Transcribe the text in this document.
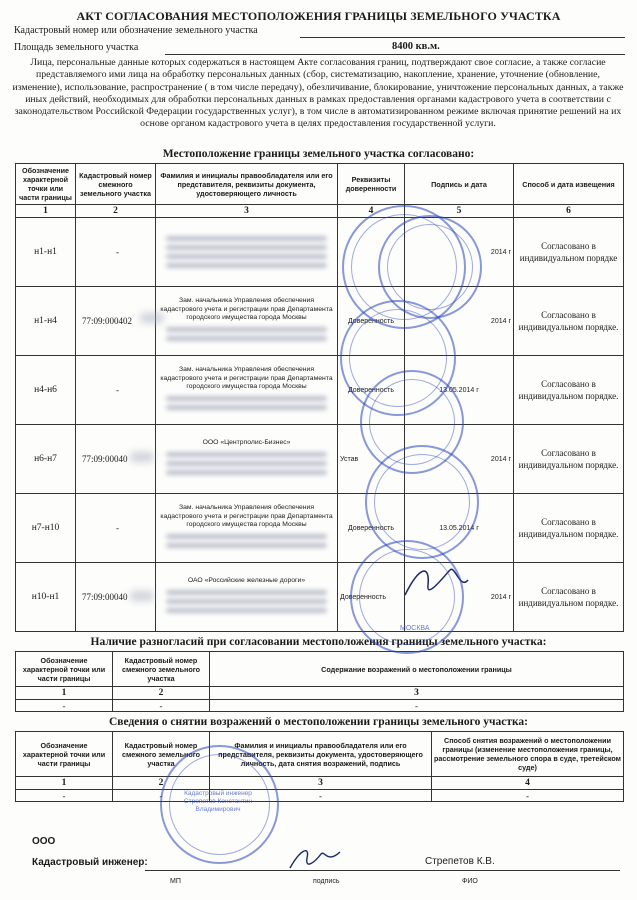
АКТ СОГЛАСОВАНИЯ МЕСТОПОЛОЖЕНИЯ ГРАНИЦЫ ЗЕМЕЛЬНОГО УЧАСТКА
Кадастровый номер или обозначение земельного участка
Площадь земельного участка	8400 кв.м.
Лица, персональные данные которых содержаться в настоящем Акте согласования границ, подтверждают свое согласие, а также согласие представляемого ими лица на обработку персональных данных (сбор, систематизацию, накопление, хранение, уточнение (обновление, изменение), использование, распространение ( в том числе передачу), обезличивание, блокирование, уничтожение персональных данных, а также иных действий, необходимых для обработки персональных данных в рамках предоставления органами кадастрового учета в соответствии с законодательством Российской Федерации государственных услуг), в том числе в автоматизированном режиме включая принятие решений на их основе органом кадастрового учета в целях предоставления государственной услуги.
Местоположение границы земельного участка согласовано:
Обозначение характерной точки или части границы	Кадастровый номер смежного земельного участка	Фамилия и инициалы правообладателя или его представителя, реквизиты документа, удостоверяющего личность	Реквизиты доверенности	Подпись и дата	Способ и дата извещения
1	2	3	4	5	6
н1-н1	-			2014 г	Согласовано в индивидуальном порядке
н1-н4	77:09:000402	Зам. начальника Управления обеспечения кадастрового учета и регистрации прав Департамента городского имущества города Москвы	Доверенность	2014 г	Согласовано в индивидуальном порядке.
н4-н6	-	Зам. начальника Управления обеспечения кадастрового учета и регистрации прав Департамента городского имущества города Москвы	Доверенность	13.05.2014 г	Согласовано в индивидуальном порядке.
н6-н7	77:09:00040	ООО «Центрполис-Бизнес»	Устав	2014 г	Согласовано в индивидуальном порядке.
н7-н10	-	Зам. начальника Управления обеспечения кадастрового учета и регистрации прав Департамента городского имущества города Москвы	Доверенность	13.05.2014 г	Согласовано в индивидуальном порядке.
н10-н1	77:09:00040	ОАО «Российские железные дороги»	Доверенность	2014 г	Согласовано в индивидуальном порядке.
Наличие разногласий при согласовании местоположения границы земельного участка:
Обозначение характерной точки или части границы	Кадастровый номер смежного земельного участка	Содержание возражений о местоположении границы
1	2	3
-	-	-
Сведения о снятии возражений о местоположении границы земельного участка:
Обозначение характерной точки или части границы	Кадастровый номер смежного земельного участка	Фамилия и инициалы правообладателя или его представителя, реквизиты документа, удостоверяющего личность, дата снятия возражений, подпись	Способ снятия возражений о местоположении границы (изменение местоположения границы, рассмотрение земельного спора в суде, третейском суде)
1	2	3	4
-	-	-	-
ООО
Кадастровый инженер:	Стрепетов К.В.
МП	подпись	ФИО
Кадастровый инженер Стрепетов Константин Владимирович
МОСКВА
